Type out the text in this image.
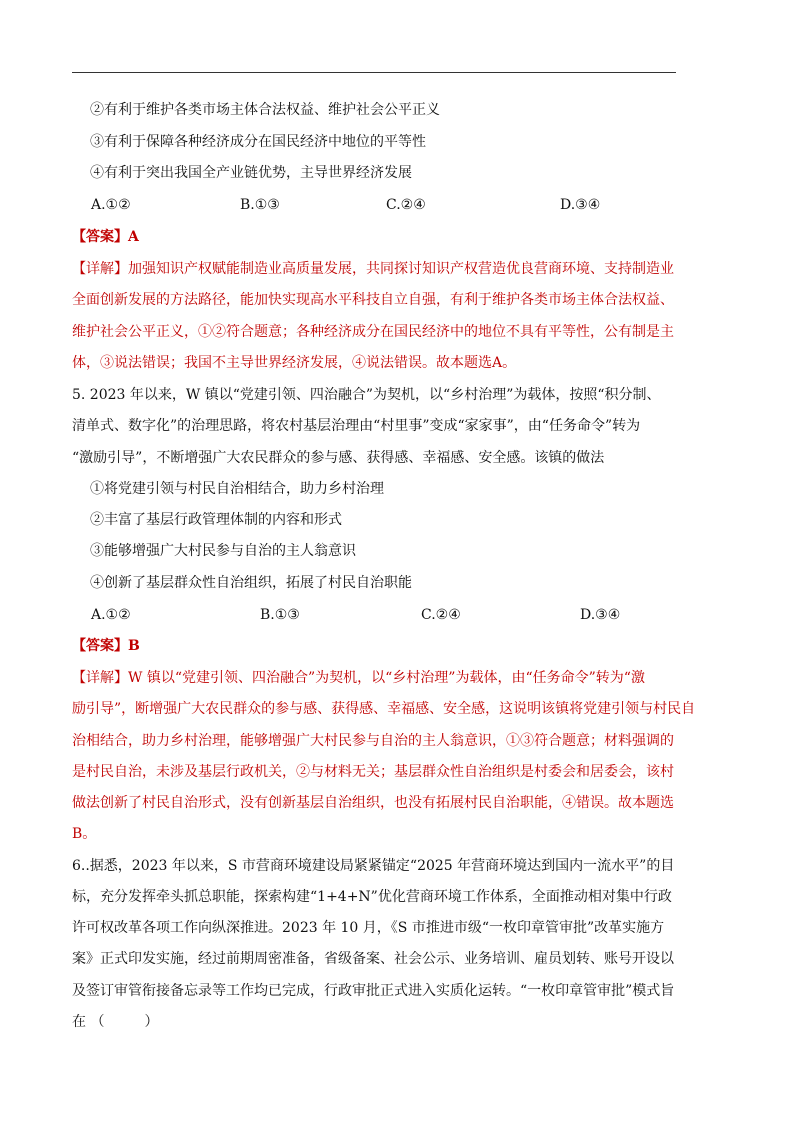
②有利于维护各类市场主体合法权益、维护社会公平正义
③有利于保障各种经济成分在国民经济中地位的平等性
④有利于突出我国全产业链优势，主导世界经济发展
A.①②	B.①③	C.②④	D.③④
【答案】A
【详解】加强知识产权赋能制造业高质量发展，共同探讨知识产权营造优良营商环境、支持制造业
全面创新发展的方法路径，能加快实现高水平科技自立自强，有利于维护各类市场主体合法权益、
维护社会公平正义，①②符合题意；各种经济成分在国民经济中的地位不具有平等性，公有制是主
体，③说法错误；我国不主导世界经济发展，④说法错误。故本题选A。
5. 2023 年以来，W 镇以“党建引领、四治融合”为契机，以“乡村治理”为载体，按照“积分制、
清单式、数字化”的治理思路，将农村基层治理由“村里事”变成“家家事”，由“任务命令”转为
“激励引导”，不断增强广大农民群众的参与感、获得感、幸福感、安全感。该镇的做法
①将党建引领与村民自治相结合，助力乡村治理
②丰富了基层行政管理体制的内容和形式
③能够增强广大村民参与自治的主人翁意识
④创新了基层群众性自治组织，拓展了村民自治职能
A.①②	B.①③	C.②④	D.③④
【答案】B
【详解】W 镇以“党建引领、四治融合”为契机，以“乡村治理”为载体，由“任务命令”转为“激
励引导”，断增强广大农民群众的参与感、获得感、幸福感、安全感，这说明该镇将党建引领与村民自
治相结合，助力乡村治理，能够增强广大村民参与自治的主人翁意识，①③符合题意；材料强调的
是村民自治，未涉及基层行政机关，②与材料无关；基层群众性自治组织是村委会和居委会，该村
做法创新了村民自治形式，没有创新基层自治组织，也没有拓展村民自治职能，④错误。故本题选
B。
6..据悉，2023 年以来，S 市营商环境建设局紧紧锚定“2025 年营商环境达到国内一流水平”的目
标，充分发挥牵头抓总职能，探索构建“1+4+N”优化营商环境工作体系，全面推动相对集中行政
许可权改革各项工作向纵深推进。2023 年 10 月，《S 市推进市级“一枚印章管审批”改革实施方
案》正式印发实施，经过前期周密准备，省级备案、社会公示、业务培训、雇员划转、账号开设以
及签订审管衔接备忘录等工作均已完成，行政审批正式进入实质化运转。“一枚印章管审批”模式旨
在 （	）
